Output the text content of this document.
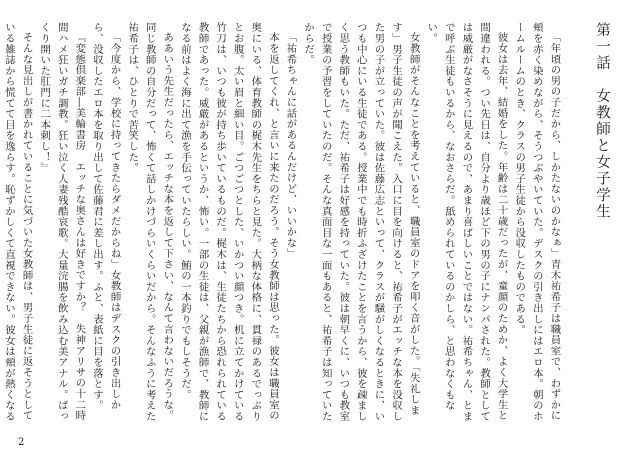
第一話　女教師と女子学生

「年頃の男の子だから、しかたないのかなぁ」青木祐希子は職員室で、わずかに頬を赤く染めながら、そうつぶやいていた。デスクの引き出しにはエロ本。朝のホームルームのとき、クラスの男子生徒から没収したものである。

彼女は去年、結婚をした。年齢は二十歳だったが、童顔のためか、よく大学生と間違われる。つい先日は、自分より歳ほど下の男の子にナンパされた。教師としては威厳がなさそうに見えるので、あまり喜ばしいことではない。祐希ちゃん、とまで呼ぶ生徒もいるから、なおさらだ。舐められているのかしら、と思わなくもない。

女教師がそんなことを考えていると、職員室のドアを叩く音がした。「失礼します」男子生徒の声が聞こえた。入口に目を向けると、祐希子がエッチな本を没収した男の子が立っていた。彼は佐藤広志といって、クラスが騒がしくなるときに、いつも中心にいる生徒である。授業中でも時折ふざけたことを言うから、彼を疎ましく思う教師もいた。ただ、祐希子は好感を持っていた。彼は朝早くに、いつも教室で授業の予習をしていたのだ。そんな真面目な一面もあると、祐希子は知っていたからだ。

「祐希ちゃんに話があるんだけど、いいかな」

本を返してくれ、と言いに来たのだろう。そう女教師は思った。彼女は職員室の奥にいる、体育教師の梶木先生をちらと見た。大柄な体格に、貫禄のあるでっぷりとお腹。太い眉と細い目。ごつごつとした、いかつい顔つき。机に立てかけている竹刀は、いつも彼が持ち歩いているものだ。梶木は、生徒たちから恐れられている教師であった。威厳があるというか、怖い。一部の生徒は、父親が漁師で、教師になる前はよく海に出て漁を手伝っていたらしい。鮪の一本釣りでもしそうだ。

ああいう先生だったら、エッチな本を返して下さい、なんて言わないだろうな。同じ教師の自分だって、怖くて話しかけづらいくらいだから。そんなふうに考えた祐希子は、ひとりで苦笑した。

「今度から、学校に持ってきたらダメだからね」女教師はデスクの引き出しから、没収したエロ本を取り出して佐藤君に差し出す。ふと、表紙に目を落とす。

『変態倶楽部―美輪書房　エッチな奥さんは好きですか？　失神アリサの十二時間ハメ狂いガチ調教。狂い泣く人妻残酷哀歌。大量浣腸を飲み込む美アナル。ぱっくり開いた肛門に二本刺し！』

そんな見出しが書かれていることに気づいた女教師は、男子生徒に返そうとしている雑誌から慌てて目を逸らす。恥ずかしくて直視できない。彼女は頬が熱くなる

2
